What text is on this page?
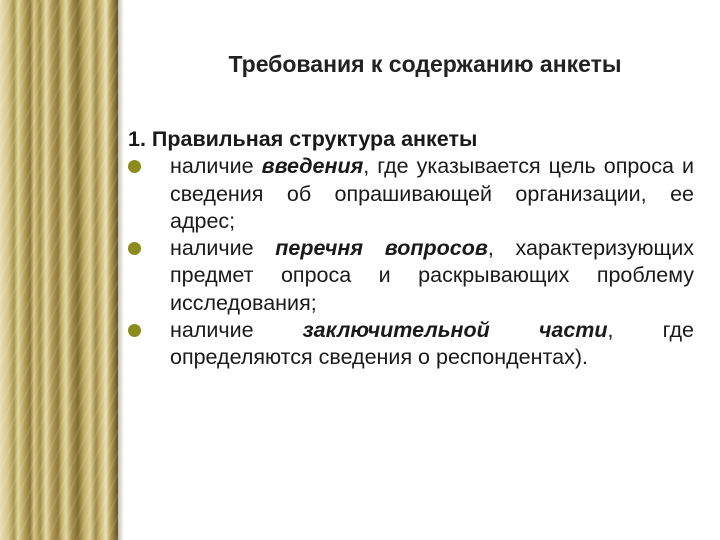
Требования к содержанию анкеты
1. Правильная структура анкеты
наличие введения, где указывается цель опроса и сведения об опрашивающей организации, ее адрес;
наличие перечня вопросов, характеризующих предмет опроса и раскрывающих проблему исследования;
наличие заключительной части, где определяются сведения о респондентах).
